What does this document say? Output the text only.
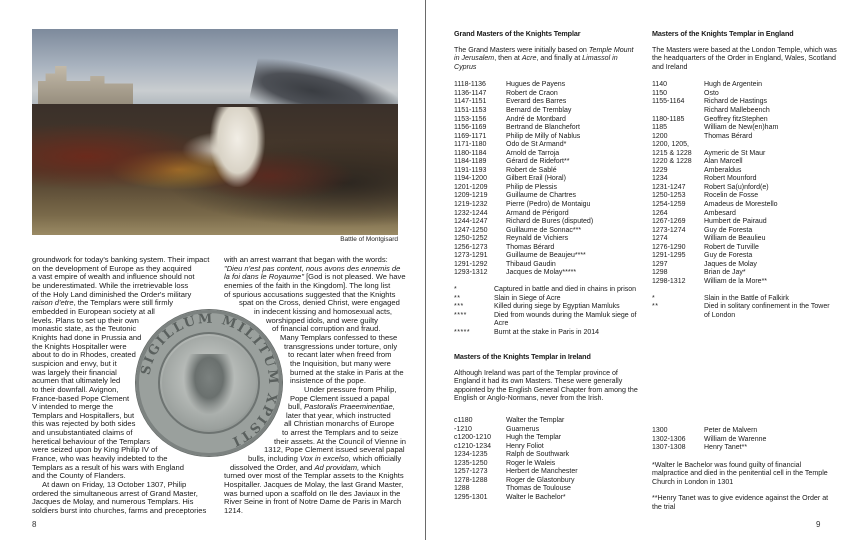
Battle of Montgisard
groundwork for today's banking system. Their impact
on the development of Europe as they acquired
a vast empire of wealth and influence should not
be underestimated. While the irretrievable loss
of the Holy Land diminished the Order's military
raison d'etre, the Templars were still firmly
embedded in European society at all
levels. Plans to set up their own
monastic state, as the Teutonic
Knights had done in Prussia and
the Knights Hospitaller were
about to do in Rhodes, created
suspicion and envy, but it
was largely their financial
acumen that ultimately led
to their downfall. Avignon,
France-based Pope Clement
V intended to merge the
Templars and Hospitallers, but
this was rejected by both sides
and unsubstantiated claims of
heretical behaviour of the Templars
were seized upon by King Philip IV of
France, who was heavily indebted to the
Templars as a result of his wars with England
and the County of Flanders.
At dawn on Friday, 13 October 1307, Philip
ordered the simultaneous arrest of Grand Master,
Jacques de Molay, and numerous Templars. His
soldiers burst into churches, farms and preceptories
with an arrest warrant that began with the words:
"Dieu n'est pas content, nous avons des ennemis de
la foi dans le Royaume" [God is not pleased. We have
enemies of the faith in the Kingdom]. The long list
of spurious accusations suggested that the Knights
spat on the Cross, denied Christ, were engaged
in indecent kissing and homosexual acts,
worshipped idols, and were guilty
of financial corruption and fraud.
Many Templars confessed to these
transgressions under torture, only
to recant later when freed from
the Inquisition, but many were
burned at the stake in Paris at the
insistence of the pope.
Under pressure from Philip,
Pope Clement issued a papal
bull, Pastoralis Praeeminentiae,
later that year, which instructed
all Christian monarchs of Europe
to arrest the Templars and to seize
their assets. At the Council of Vienne in
1312, Pope Clement issued several papal
bulls, including Vox in excelso, which officially
dissolved the Order, and Ad providam, which
turned over most of the Templar assets to the Knights
Hospitaller. Jacques de Molay, the last Grand Master,
was burned upon a scaffold on Ile des Javiaux in the
River Seine in front of Notre Dame de Paris in March
1214.
SIGILLUM MILITUM XPISTI
8
Grand Masters of the Knights Templar

The Grand Masters were initially based on Temple Mount in Jerusalem, then at Acre, and finally at Limassol in Cyprus

1118-1136	Hugues de Payens
1136-1147	Robert de Craon
1147-1151	Everard des Barres
1151-1153	Bernard de Tremblay
1153-1156	André de Montbard
1156-1169	Bertrand de Blanchefort
1169-1171	Philip de Milly of Nablus
1171-1180	Odo de St Armand*
1180-1184	Arnold de Tarroja
1184-1189	Gérard de Ridefort**
1191-1193	Robert de Sablé
1194-1200	Gilbert Erail (Horal)
1201-1209	Philip de Plessis
1209-1219	Guillaume de Chartres
1219-1232	Pierre (Pedro) de Montaigu
1232-1244	Armand de Périgord
1244-1247	Richard de Bures (disputed)
1247-1250	Guillaume de Sonnac***
1250-1252	Reynald de Vichiers
1256-1273	Thomas Bérard
1273-1291	Guillaume de Beaujeu****
1291-1292	Thibaud Gaudin
1293-1312	Jacques de Molay*****
*	Captured in battle and died in chains in prison
**	Slain in Siege of Acre
***	Killed during siege by Egyptian Mamluks
****	Died from wounds during the Mamluk siege of Acre
*****	Burnt at the stake in Paris in 2014
Masters of the Knights Templar in England

The Masters were based at the London Temple, which was the headquarters of the Order in England, Wales, Scotland and Ireland

1140	Hugh de Argentein
1150	Osto
1155-1164	Richard de Hastings
	Richard Mallebeench
1180-1185	Geoffrey fitzStephen
1185	William de New(en)ham
1200	Thomas Bérard
1200, 1205,	
1215 & 1228	Aymeric de St Maur
1220 & 1228	Alan Marcell
1229	Amberaldus
1234	Robert Mounford
1231-1247	Robert Sa(u)nford(e)
1250-1253	Rocelin de Fosse
1254-1259	Amadeus de Morestello
1264	Ambesard
1267-1269	Humbert de Pairaud
1273-1274	Guy de Foresta
1274	William de Beaulieu
1276-1290	Robert de Turville
1291-1295	Guy de Foresta
1297	Jaques de Molay
1298	Brian de Jay*
1298-1312	William de la More**
*	Slain in the Battle of Falkirk
**	Died in solitary confinement in the Tower of London
Masters of the Knights Templar in Ireland

Although Ireland was part of the Templar province of England it had its own Masters. These were generally appointed by the English General Chapter from among the English or Anglo-Normans, never from the Irish.

c1180	Walter the Templar
-1210	Guarnerus
c1200-1210	Hugh the Templar
c1210-1234	Henry Foliot
1234-1235	Ralph de Southwark
1235-1250	Roger le Waleis
1257-1273	Herbert de Manchester
1278-1288	Roger de Glastonbury
1288	Thomas de Toulouse
1295-1301	Walter le Bachelor*
1300	Peter de Malvern
1302-1306	William de Warenne
1307-1308	Henry Tanet**

*Walter le Bachelor was found guilty of financial malpractice and died in the penitential cell in the Temple Church in London in 1301

**Henry Tanet was to give evidence against the Order at the trial

9
